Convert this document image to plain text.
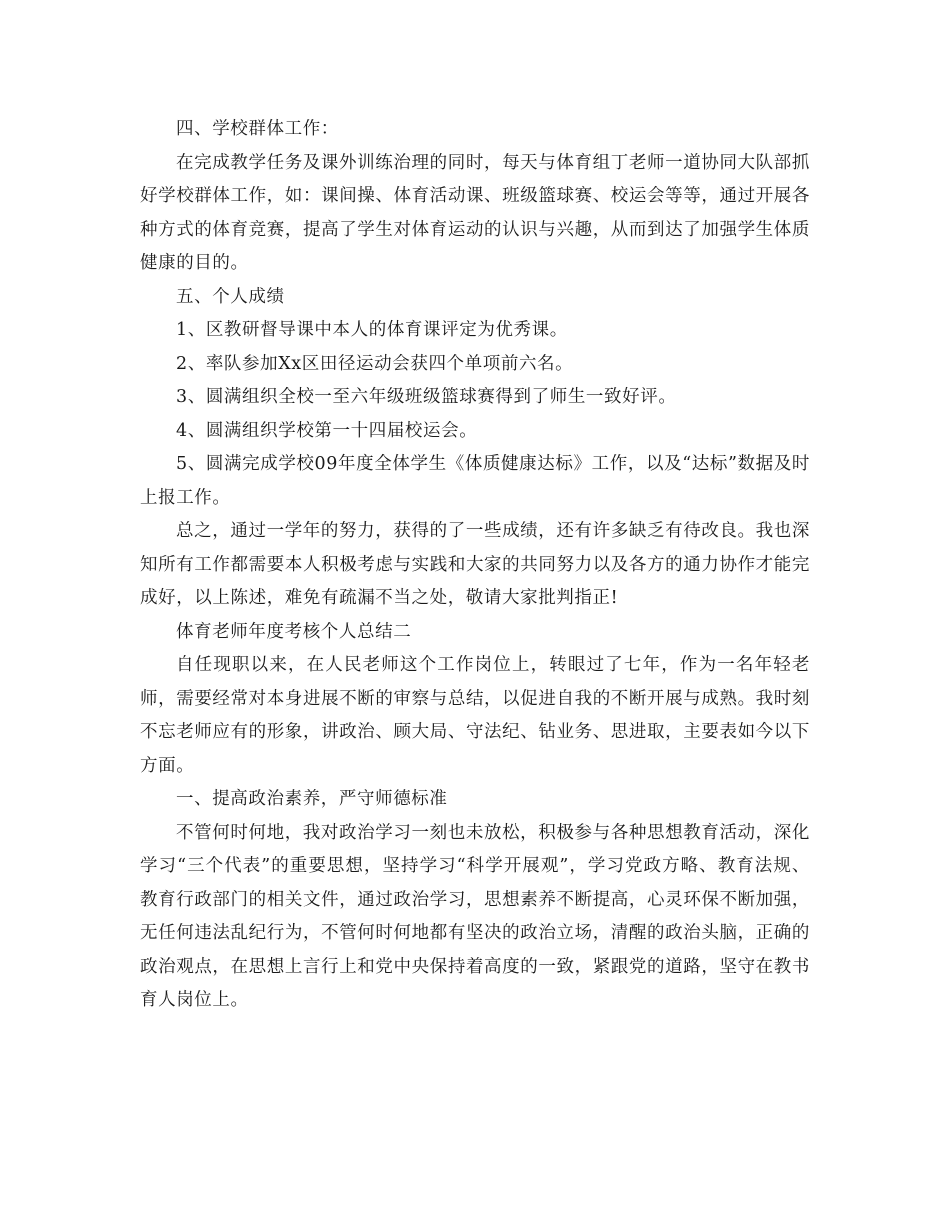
四、学校群体工作：

在完成教学任务及课外训练治理的同时，每天与体育组丁老师一道协同大队部抓好学校群体工作，如：课间操、体育活动课、班级篮球赛、校运会等等，通过开展各种方式的体育竞赛，提高了学生对体育运动的认识与兴趣，从而到达了加强学生体质健康的目的。

五、个人成绩

1、区教研督导课中本人的体育课评定为优秀课。

2、率队参加Xx区田径运动会获四个单项前六名。

3、圆满组织全校一至六年级班级篮球赛得到了师生一致好评。

4、圆满组织学校第一十四届校运会。

5、圆满完成学校09年度全体学生《体质健康达标》工作，以及“达标”数据及时上报工作。

总之，通过一学年的努力，获得的了一些成绩，还有许多缺乏有待改良。我也深知所有工作都需要本人积极考虑与实践和大家的共同努力以及各方的通力协作才能完成好，以上陈述，难免有疏漏不当之处，敬请大家批判指正!

体育老师年度考核个人总结二

自任现职以来，在人民老师这个工作岗位上，转眼过了七年，作为一名年轻老师，需要经常对本身进展不断的审察与总结，以促进自我的不断开展与成熟。我时刻不忘老师应有的形象，讲政治、顾大局、守法纪、钻业务、思进取，主要表如今以下方面。

一、提高政治素养，严守师德标准

不管何时何地，我对政治学习一刻也未放松，积极参与各种思想教育活动，深化学习“三个代表”的重要思想，坚持学习“科学开展观”，学习党政方略、教育法规、教育行政部门的相关文件，通过政治学习，思想素养不断提高，心灵环保不断加强，无任何违法乱纪行为，不管何时何地都有坚决的政治立场，清醒的政治头脑，正确的政治观点，在思想上言行上和党中央保持着高度的一致，紧跟党的道路，坚守在教书育人岗位上。
